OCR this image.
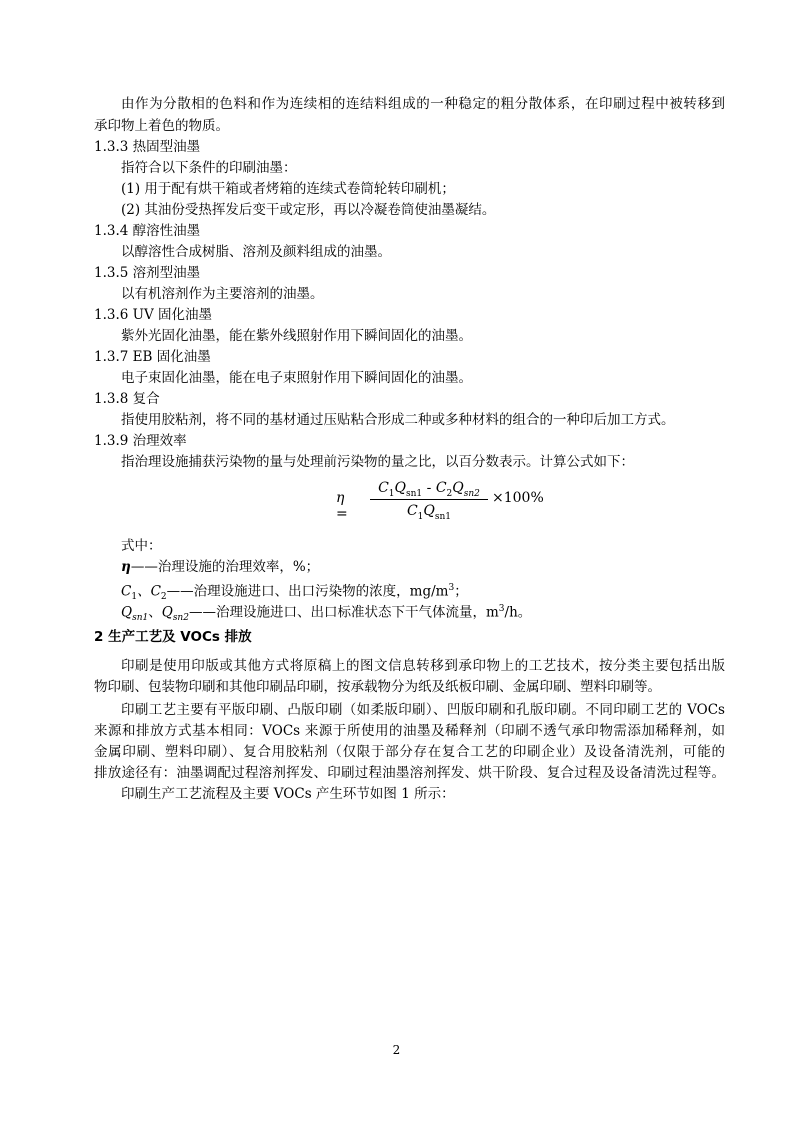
由作为分散相的色料和作为连续相的连结料组成的一种稳定的粗分散体系，在印刷过程中被转移到
承印物上着色的物质。
1.3.3 热固型油墨
指符合以下条件的印刷油墨：
(1) 用于配有烘干箱或者烤箱的连续式卷筒轮转印刷机；
(2) 其油份受热挥发后变干或定形，再以冷凝卷筒使油墨凝结。
1.3.4 醇溶性油墨
以醇溶性合成树脂、溶剂及颜料组成的油墨。
1.3.5 溶剂型油墨
以有机溶剂作为主要溶剂的油墨。
1.3.6 UV 固化油墨
紫外光固化油墨，能在紫外线照射作用下瞬间固化的油墨。
1.3.7 EB 固化油墨
电子束固化油墨，能在电子束照射作用下瞬间固化的油墨。
1.3.8 复合
指使用胶粘剂，将不同的基材通过压贴粘合形成二种或多种材料的组合的一种印后加工方式。
1.3.9 治理效率
指治理设施捕获污染物的量与处理前污染物的量之比，以百分数表示。计算公式如下：
η =
$C_1Q_{sn1} - C_2Q_{sn2}$
$C_1Q_{sn1}$
×100%
式中：
η——治理设施的治理效率，%；
$C_1$、$C_2——$治理设施进口、出口污染物的浓度，$mg/m^3$；
$Q_{sn1}$、$Q_{sn2}——$治理设施进口、出口标准状态下干气体流量，$m^3/h$。
2 生产工艺及 VOCs 排放
印刷是使用印版或其他方式将原稿上的图文信息转移到承印物上的工艺技术，按分类主要包括出版
物印刷、包装物印刷和其他印刷品印刷，按承载物分为纸及纸板印刷、金属印刷、塑料印刷等。
印刷工艺主要有平版印刷、凸版印刷（如柔版印刷）、凹版印刷和孔版印刷。不同印刷工艺的 VOCs
来源和排放方式基本相同：VOCs 来源于所使用的油墨及稀释剂（印刷不透气承印物需添加稀释剂，如
金属印刷、塑料印刷）、复合用胶粘剂（仅限于部分存在复合工艺的印刷企业）及设备清洗剂，可能的
排放途径有：油墨调配过程溶剂挥发、印刷过程油墨溶剂挥发、烘干阶段、复合过程及设备清洗过程等。
印刷生产工艺流程及主要 VOCs 产生环节如图 1 所示：
2
